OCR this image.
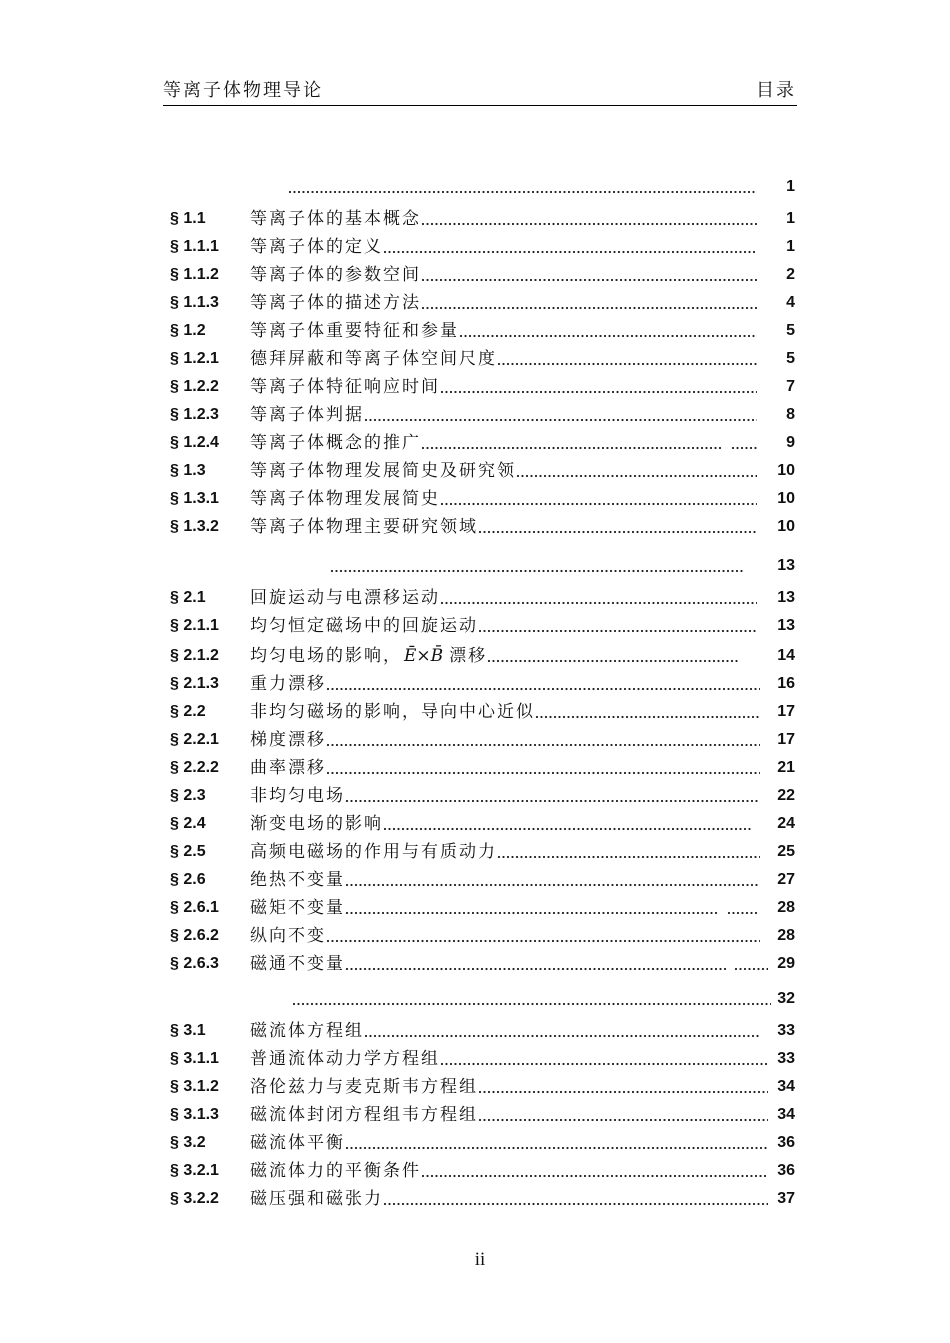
等离子体物理导论	目录
1
§ 1.1	等离子体的基本概念	1
§ 1.1.1	等离子体的定义	1
§ 1.1.2	等离子体的参数空间	2
§ 1.1.3	等离子体的描述方法	4
§ 1.2	等离子体重要特征和参量	5
§ 1.2.1	德拜屏蔽和等离子体空间尺度	5
§ 1.2.2	等离子体特征响应时间	7
§ 1.2.3	等离子体判据	8
§ 1.2.4	等离子体概念的推广	9
§ 1.3	等离子体物理发展简史及研究领	10
§ 1.3.1	等离子体物理发展简史	10
§ 1.3.2	等离子体物理主要研究领域	10
13
§ 2.1	回旋运动与电漂移运动	13
§ 2.1.1	均匀恒定磁场中的回旋运动	13
§ 2.1.2	均匀电场的影响， Ē×B̄ 漂移	14
§ 2.1.3	重力漂移	16
§ 2.2	非均匀磁场的影响，导向中心近似	17
§ 2.2.1	梯度漂移	17
§ 2.2.2	曲率漂移	21
§ 2.3	非均匀电场	22
§ 2.4	渐变电场的影响	24
§ 2.5	高频电磁场的作用与有质动力	25
§ 2.6	绝热不变量	27
§ 2.6.1	磁矩不变量	28
§ 2.6.2	纵向不变	28
§ 2.6.3	磁通不变量	29
32
§ 3.1	磁流体方程组	33
§ 3.1.1	普通流体动力学方程组	33
§ 3.1.2	洛伦兹力与麦克斯韦方程组	34
§ 3.1.3	磁流体封闭方程组韦方程组	34
§ 3.2	磁流体平衡	36
§ 3.2.1	磁流体力的平衡条件	36
§ 3.2.2	磁压强和磁张力	37
ii
